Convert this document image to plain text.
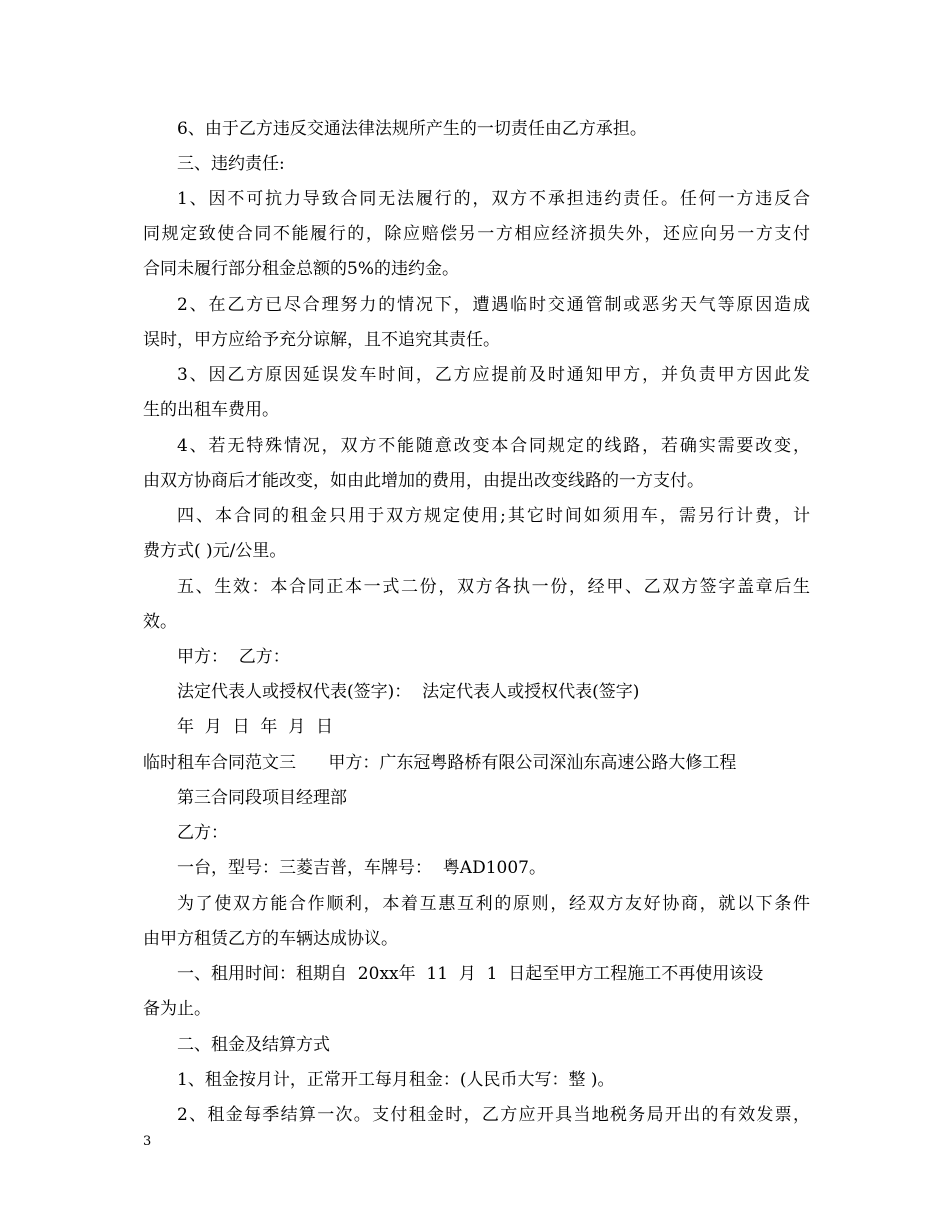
6、由于乙方违反交通法律法规所产生的一切责任由乙方承担。
三、违约责任:
1、因不可抗力导致合同无法履行的，双方不承担违约责任。任何一方违反合
同规定致使合同不能履行的，除应赔偿另一方相应经济损失外，还应向另一方支付
合同未履行部分租金总额的5%的违约金。
2、在乙方已尽合理努力的情况下，遭遇临时交通管制或恶劣天气等原因造成
误时，甲方应给予充分谅解，且不追究其责任。
3、因乙方原因延误发车时间，乙方应提前及时通知甲方，并负责甲方因此发
生的出租车费用。
4、若无特殊情况，双方不能随意改变本合同规定的线路，若确实需要改变，
由双方协商后才能改变，如由此增加的费用，由提出改变线路的一方支付。
四、本合同的租金只用于双方规定使用;其它时间如须用车，需另行计费，计
费方式( )元/公里。
五、生效：本合同正本一式二份，双方各执一份，经甲、乙双方签字盖章后生
效。
甲方：  乙方：
法定代表人或授权代表(签字)：  法定代表人或授权代表(签字)
年  月  日  年  月  日
临时租车合同范文三      甲方：广东冠粤路桥有限公司深汕东高速公路大修工程
第三合同段项目经理部
乙方：
一台，型号：三菱吉普，车牌号：  粤AD1007。
为了使双方能合作顺利，本着互惠互利的原则，经双方友好协商，就以下条件
由甲方租赁乙方的车辆达成协议。
一、租用时间：租期自  20xx年  11  月  1  日起至甲方工程施工不再使用该设
备为止。
二、租金及结算方式
1、租金按月计，正常开工每月租金：(人民币大写：整 )。
2、租金每季结算一次。支付租金时，乙方应开具当地税务局开出的有效发票，
3
